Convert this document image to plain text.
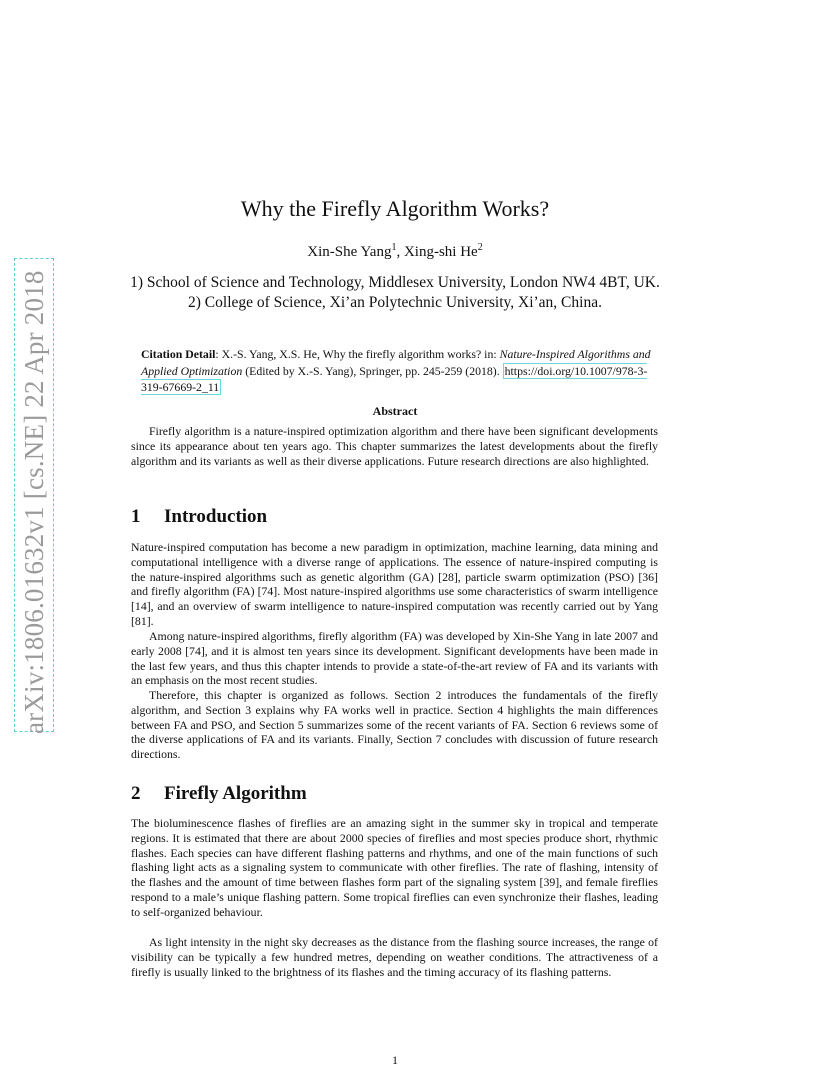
arXiv:1806.01632v1 [cs.NE] 22 Apr 2018
Why the Firefly Algorithm Works?
Xin-She Yang$^1$, Xing-shi He$^2$
1) School of Science and Technology, Middlesex University, London NW4 4BT, UK.
2) College of Science, Xi’an Polytechnic University, Xi’an, China.
Citation Detail: X.-S. Yang, X.S. He, Why the firefly algorithm works? in: Nature-Inspired Algorithms and Applied Optimization (Edited by X.-S. Yang), Springer, pp. 245-259 (2018). https://doi.org/10.1007/978-3-319-67669-2_11
Abstract
Firefly algorithm is a nature-inspired optimization algorithm and there have been significant developments since its appearance about ten years ago. This chapter summarizes the latest developments about the firefly algorithm and its variants as well as their diverse applications. Future research directions are also highlighted.
1 Introduction
Nature-inspired computation has become a new paradigm in optimization, machine learning, data mining and computational intelligence with a diverse range of applications. The essence of nature-inspired computing is the nature-inspired algorithms such as genetic algorithm (GA) [28], particle swarm optimization (PSO) [36] and firefly algorithm (FA) [74]. Most nature-inspired algorithms use some characteristics of swarm intelligence [14], and an overview of swarm intelligence to nature-inspired computation was recently carried out by Yang [81].
Among nature-inspired algorithms, firefly algorithm (FA) was developed by Xin-She Yang in late 2007 and early 2008 [74], and it is almost ten years since its development. Significant developments have been made in the last few years, and thus this chapter intends to provide a state-of-the-art review of FA and its variants with an emphasis on the most recent studies.
Therefore, this chapter is organized as follows. Section 2 introduces the fundamentals of the firefly algorithm, and Section 3 explains why FA works well in practice. Section 4 highlights the main differences between FA and PSO, and Section 5 summarizes some of the recent variants of FA. Section 6 reviews some of the diverse applications of FA and its variants. Finally, Section 7 concludes with discussion of future research directions.
2 Firefly Algorithm
The bioluminescence flashes of fireflies are an amazing sight in the summer sky in tropical and temperate regions. It is estimated that there are about 2000 species of fireflies and most species produce short, rhythmic flashes. Each species can have different flashing patterns and rhythms, and one of the main functions of such flashing light acts as a signaling system to communicate with other fireflies. The rate of flashing, intensity of the flashes and the amount of time between flashes form part of the signaling system [39], and female fireflies respond to a male’s unique flashing pattern. Some tropical fireflies can even synchronize their flashes, leading to self-organized behaviour.
As light intensity in the night sky decreases as the distance from the flashing source increases, the range of visibility can be typically a few hundred metres, depending on weather conditions. The attractiveness of a firefly is usually linked to the brightness of its flashes and the timing accuracy of its flashing patterns.
1
